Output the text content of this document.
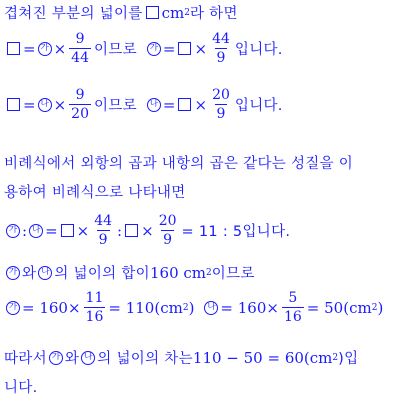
겹쳐진 부분의 넓이를 cm 2 라 하면
= 가 × $\frac{9}{44}$ 이므로	가 = × $\frac{44}{9}$ 입니다.
= 나 × $\frac{9}{20}$ 이므로	나 = × $\frac{20}{9}$ 입니다.
비례식에서 외항의 곱과 내항의 곱은 같다는 성질을 이
용하여 비례식으로 나타내면
가 : 나 = × $\frac{44}{9}$ : × $\frac{20}{9} = 11$ : 5입니다.
가 와 나 의 넓이의 합이 160 cm 2 이므로
가 = $160\times \frac{11}{16} = 110(cm$ 2 )	나 = $160\times \frac{5}{16} = 50(cm$ 2 )
따라서 가 와 나 의 넓이의 차는 110 − 50 = 60(cm 2 )입
니다.
